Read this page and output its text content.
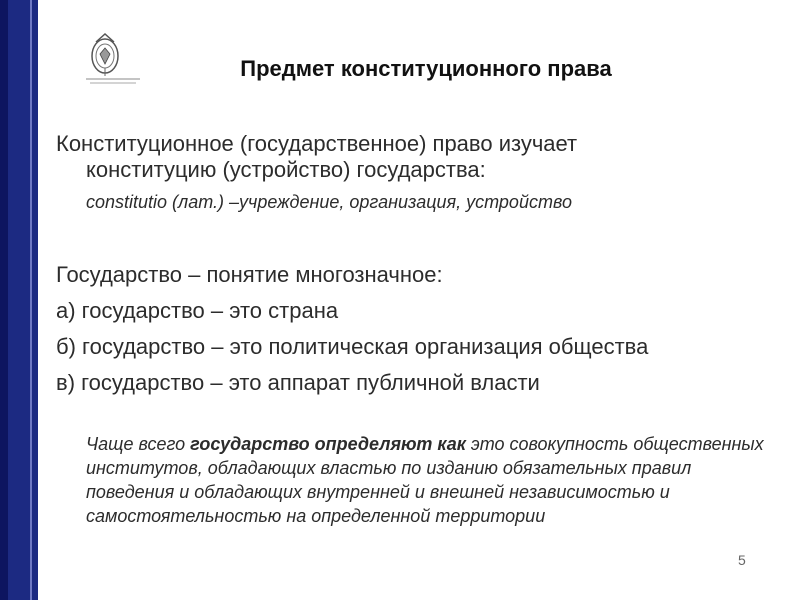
Предмет конституционного права
Конституционное (государственное) право изучает
конституцию (устройство) государства:
constitutio (лат.) –учреждение, организация, устройство
Государство – понятие многозначное:
а) государство – это страна
б) государство – это политическая организация общества
в) государство – это аппарат публичной власти
Чаще всего государство определяют как это совокупность общественных институтов, обладающих властью по изданию обязательных правил поведения и обладающих внутренней и внешней независимостью и самостоятельностью на определенной территории
5
